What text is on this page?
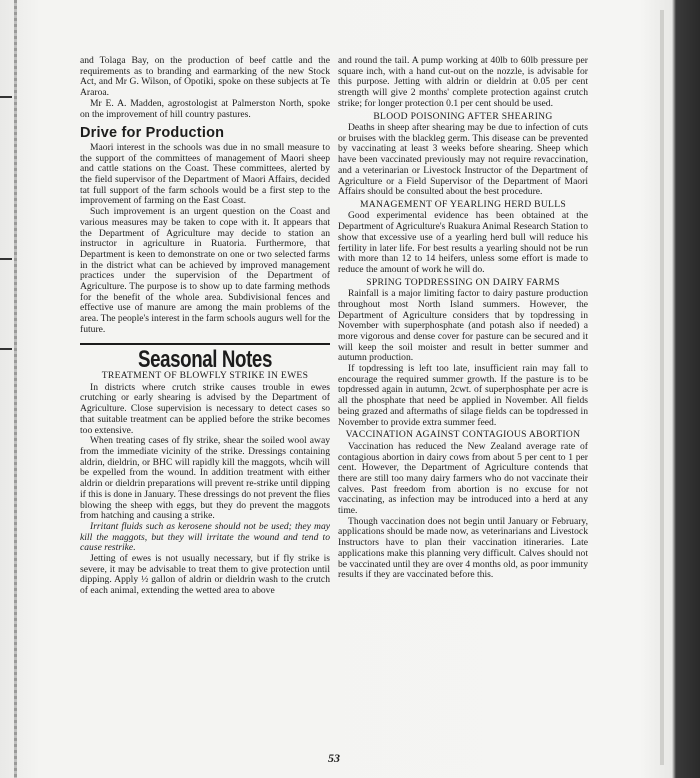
and Tolaga Bay, on the production of beef cattle and the requirements as to branding and earmarking of the new Stock Act, and Mr G. Wilson, of Opotiki, spoke on these subjects at Te Araroa.

Mr E. A. Madden, agrostologist at Palmerston North, spoke on the improvement of hill country pastures.

Drive for Production

Maori interest in the schools was due in no small measure to the support of the committees of management of Maori sheep and cattle stations on the Coast. These committees, alerted by the field supervisor of the Department of Maori Affairs, decided tat full support of the farm schools would be a first step to the improvement of farming on the East Coast.

Such improvement is an urgent question on the Coast and various measures may be taken to cope with it. It appears that the Department of Agriculture may decide to station an instructor in agriculture in Ruatoria. Furthermore, that Department is keen to demonstrate on one or two selected farms in the district what can be achieved by improved management practices under the supervision of the Department of Agriculture. The purpose is to show up to date farming methods for the benefit of the whole area. Subdivisional fences and effective use of manure are among the main problems of the area. The people's interest in the farm schools augurs well for the future.

Seasonal Notes
TREATMENT OF BLOWFLY STRIKE IN EWES

In districts where crutch strike causes trouble in ewes crutching or early shearing is advised by the Department of Agriculture. Close supervision is necessary to detect cases so that suitable treatment can be applied before the strike becomes too extensive.

When treating cases of fly strike, shear the soiled wool away from the immediate vicinity of the strike. Dressings containing aldrin, dieldrin, or BHC will rapidly kill the maggots, whcih will be expelled from the wound. In addition treatment with either aldrin or dieldrin preparations will prevent re-strike until dipping if this is done in January. These dressings do not prevent the flies blowing the sheep with eggs, but they do prevent the maggots from hatching and causing a strike.

Irritant fluids such as kerosene should not be used; they may kill the maggots, but they will irritate the wound and tend to cause restrike.

Jetting of ewes is not usually necessary, but if fly strike is severe, it may be advisable to treat them to give protection until dipping. Apply ½ gallon of aldrin or dieldrin wash to the crutch of each animal, extending the wetted area to above

and round the tail. A pump working at 40lb to 60lb pressure per square inch, with a hand cut-out on the nozzle, is advisable for this purpose. Jetting with aldrin or dieldrin at 0.05 per cent strength will give 2 months' complete protection against crutch strike; for longer protection 0.1 per cent should be used.

BLOOD POISONING AFTER SHEARING

Deaths in sheep after shearing may be due to infection of cuts or bruises with the blackleg germ. This disease can be prevented by vaccinating at least 3 weeks before shearing. Sheep which have been vaccinated previously may not require revaccination, and a veterinarian or Livestock Instructor of the Department of Agriculture or a Field Supervisor of the Department of Maori Affairs should be consulted about the best procedure.

MANAGEMENT OF YEARLING HERD BULLS

Good experimental evidence has been obtained at the Department of Agriculture's Ruakura Animal Research Station to show that excessive use of a yearling herd bull will reduce his fertility in later life. For best results a yearling should not be run with more than 12 to 14 heifers, unless some effort is made to reduce the amount of work he will do.

SPRING TOPDRESSING ON DAIRY FARMS

Rainfall is a major limiting factor to dairy pasture production throughout most North Island summers. However, the Department of Agriculture considers that by topdressing in November with superphosphate (and potash also if needed) a more vigorous and dense cover for pasture can be secured and it will keep the soil moister and result in better summer and autumn production.

If topdressing is left too late, insufficient rain may fall to encourage the required summer growth. If the pasture is to be topdressed again in autumn, 2cwt. of superphosphate per acre is all the phosphate that need be applied in November. All fields being grazed and aftermaths of silage fields can be topdressed in November to provide extra summer feed.

VACCINATION AGAINST CONTAGIOUS ABORTION

Vaccination has reduced the New Zealand average rate of contagious abortion in dairy cows from about 5 per cent to 1 per cent. However, the Department of Agriculture contends that there are still too many dairy farmers who do not vaccinate their calves. Past freedom from abortion is no excuse for not vaccinating, as infection may be introduced into a herd at any time.

Though vaccination does not begin until January or February, applications should be made now, as veterinarians and Livestock Instructors have to plan their vaccination itineraries. Late applications make this planning very difficult. Calves should not be vaccinated until they are over 4 months old, as poor immunity results if they are vaccinated before this.

53
